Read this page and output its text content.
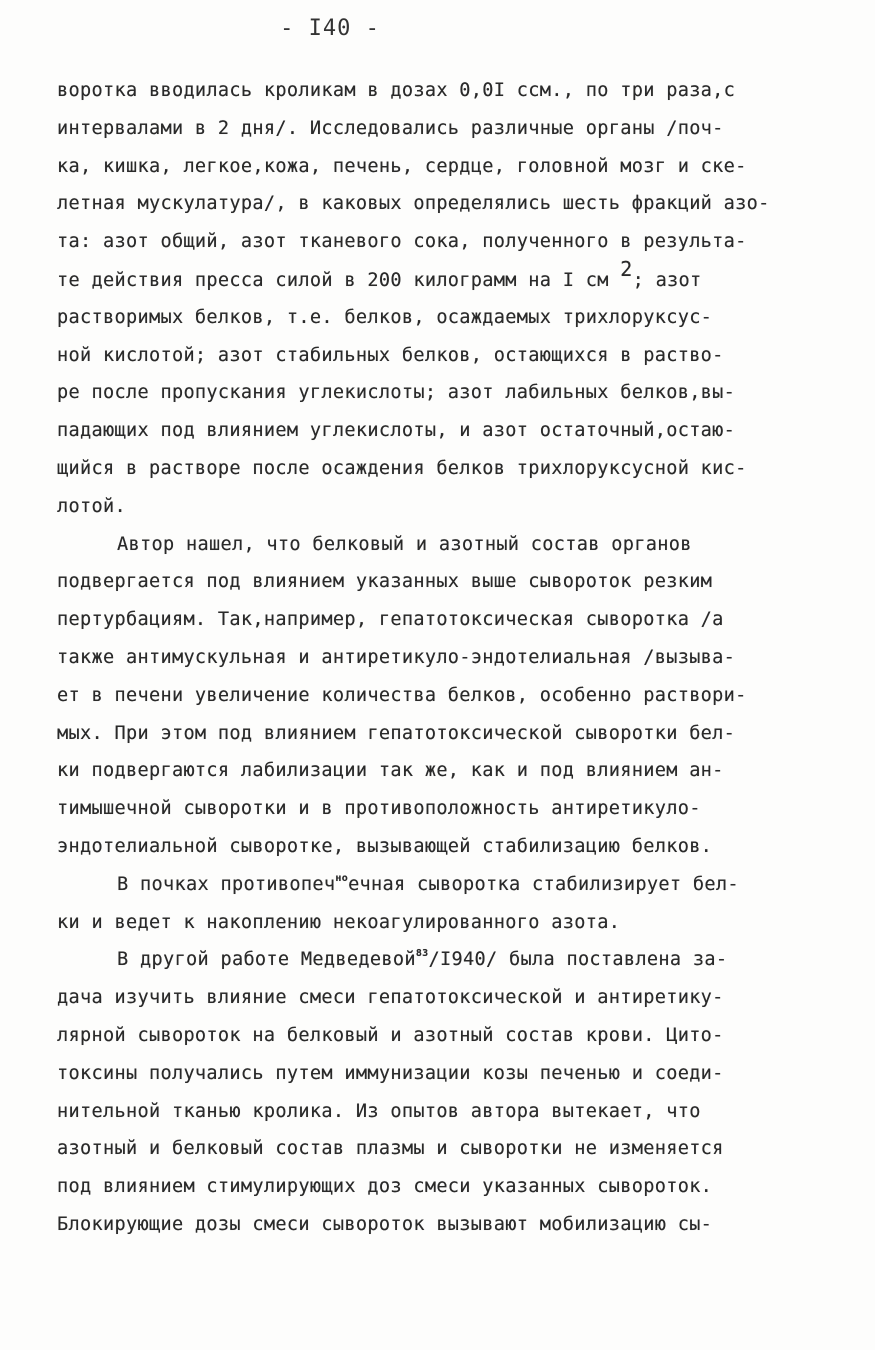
- I40 -
воротка вводилась кроликам в дозах 0,0I ccм., по три раза,с
интервалами в 2 дня/. Исследовались различные органы /поч-
ка, кишка, легкое,кожа, печень, сердце, головной мозг и ске-
летная мускулатура/, в каковых определялись шесть фракций азо-
та: азот общий, азот тканевого сока, полученного в результа-
те действия пресса силой в 200 килограмм на I см 2; азот
растворимых белков, т.е. белков, осаждаемых трихлоруксус-
ной кислотой; азот стабильных белков, остающихся в раство-
ре после пропускания углекислоты; азот лабильных белков,вы-
падающих под влиянием углекислоты, и азот остаточный,остаю-
щийся в растворе после осаждения белков трихлоруксусной кис-
лотой.
Автор нашел, что белковый и азотный состав органов
подвергается под влиянием указанных выше сывороток резким
пертурбациям. Так,например, гепатотоксическая сыворотка /а
также антимускульная и антиретикуло-эндотелиальная /вызыва-
ет в печени увеличение количества белков, особенно раствори-
мых. При этом под влиянием гепатотоксической сыворотки бел-
ки подвергаются лабилизации так же, как и под влиянием ан-
тимышечной сыворотки и в противоположность антиретикуло-
эндотелиальной сыворотке, вызывающей стабилизацию белков.
В почках противопеч$^{но}$ечная сыворотка стабилизирует бел-
ки и ведет к накоплению некоагулированного азота.
В другой работе Медведевой$^{83}$/I940/ была поставлена за-
дача изучить влияние смеси гепатотоксической и антиретику-
лярной сывороток на белковый и азотный состав крови. Цито-
токсины получались путем иммунизации козы печенью и соеди-
нительной тканью кролика. Из опытов автора вытекает, что
азотный и белковый состав плазмы и сыворотки не изменяется
под влиянием стимулирующих доз смеси указанных сывороток.
Блокирующие дозы смеси сывороток вызывают мобилизацию сы-
